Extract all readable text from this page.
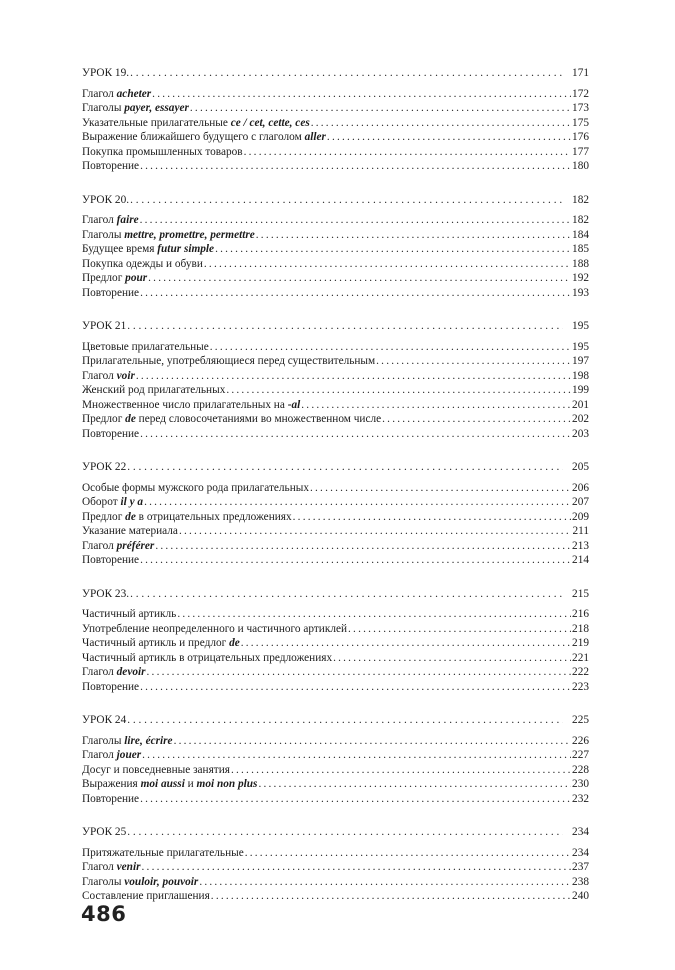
УРОК 19. . . .	171
Глагол acheter .....	172
Глаголы payer, essayer .....	173
Указательные прилагательные ce / cet, cette, ces .....	175
Выражение ближайшего будущего с глаголом aller .....	176
Покупка промышленных товаров .....	177
Повторение .....	180
УРОК 20. . . .	182
Глагол faire .....	182
Глаголы mettre, promettre, permettre .....	184
Будущее время futur simple .....	185
Покупка одежды и обуви .....	188
Предлог pour .....	192
Повторение .....	193
УРОК 21 . . .	195
Цветовые прилагательные .....	195
Прилагательные, употребляющиеся перед существительным .....	197
Глагол voir .....	198
Женский род прилагательных .....	199
Множественное число прилагательных на -al .....	201
Предлог de перед словосочетаниями во множественном числе .....	202
Повторение .....	203
УРОК 22 . . .	205
Особые формы мужского рода прилагательных .....	206
Оборот il y a .....	207
Предлог de в отрицательных предложениях .....	209
Указание материала .....	211
Глагол préférer .....	213
Повторение .....	214
УРОК 23. . . .	215
Частичный артикль .....	216
Употребление неопределенного и частичного артиклей .....	218
Частичный артикль и предлог de .....	219
Частичный артикль в отрицательных предложениях .....	221
Глагол devoir .....	222
Повторение .....	223
УРОК 24 . . .	225
Глаголы lire, écrire .....	226
Глагол jouer .....	227
Досуг и повседневные занятия .....	228
Выражения moi aussi и moi non plus .....	230
Повторение .....	232
УРОК 25 . . .	234
Притяжательные прилагательные .....	234
Глагол venir .....	237
Глаголы vouloir, pouvoir .....	238
Составление приглашения .....	240
486
